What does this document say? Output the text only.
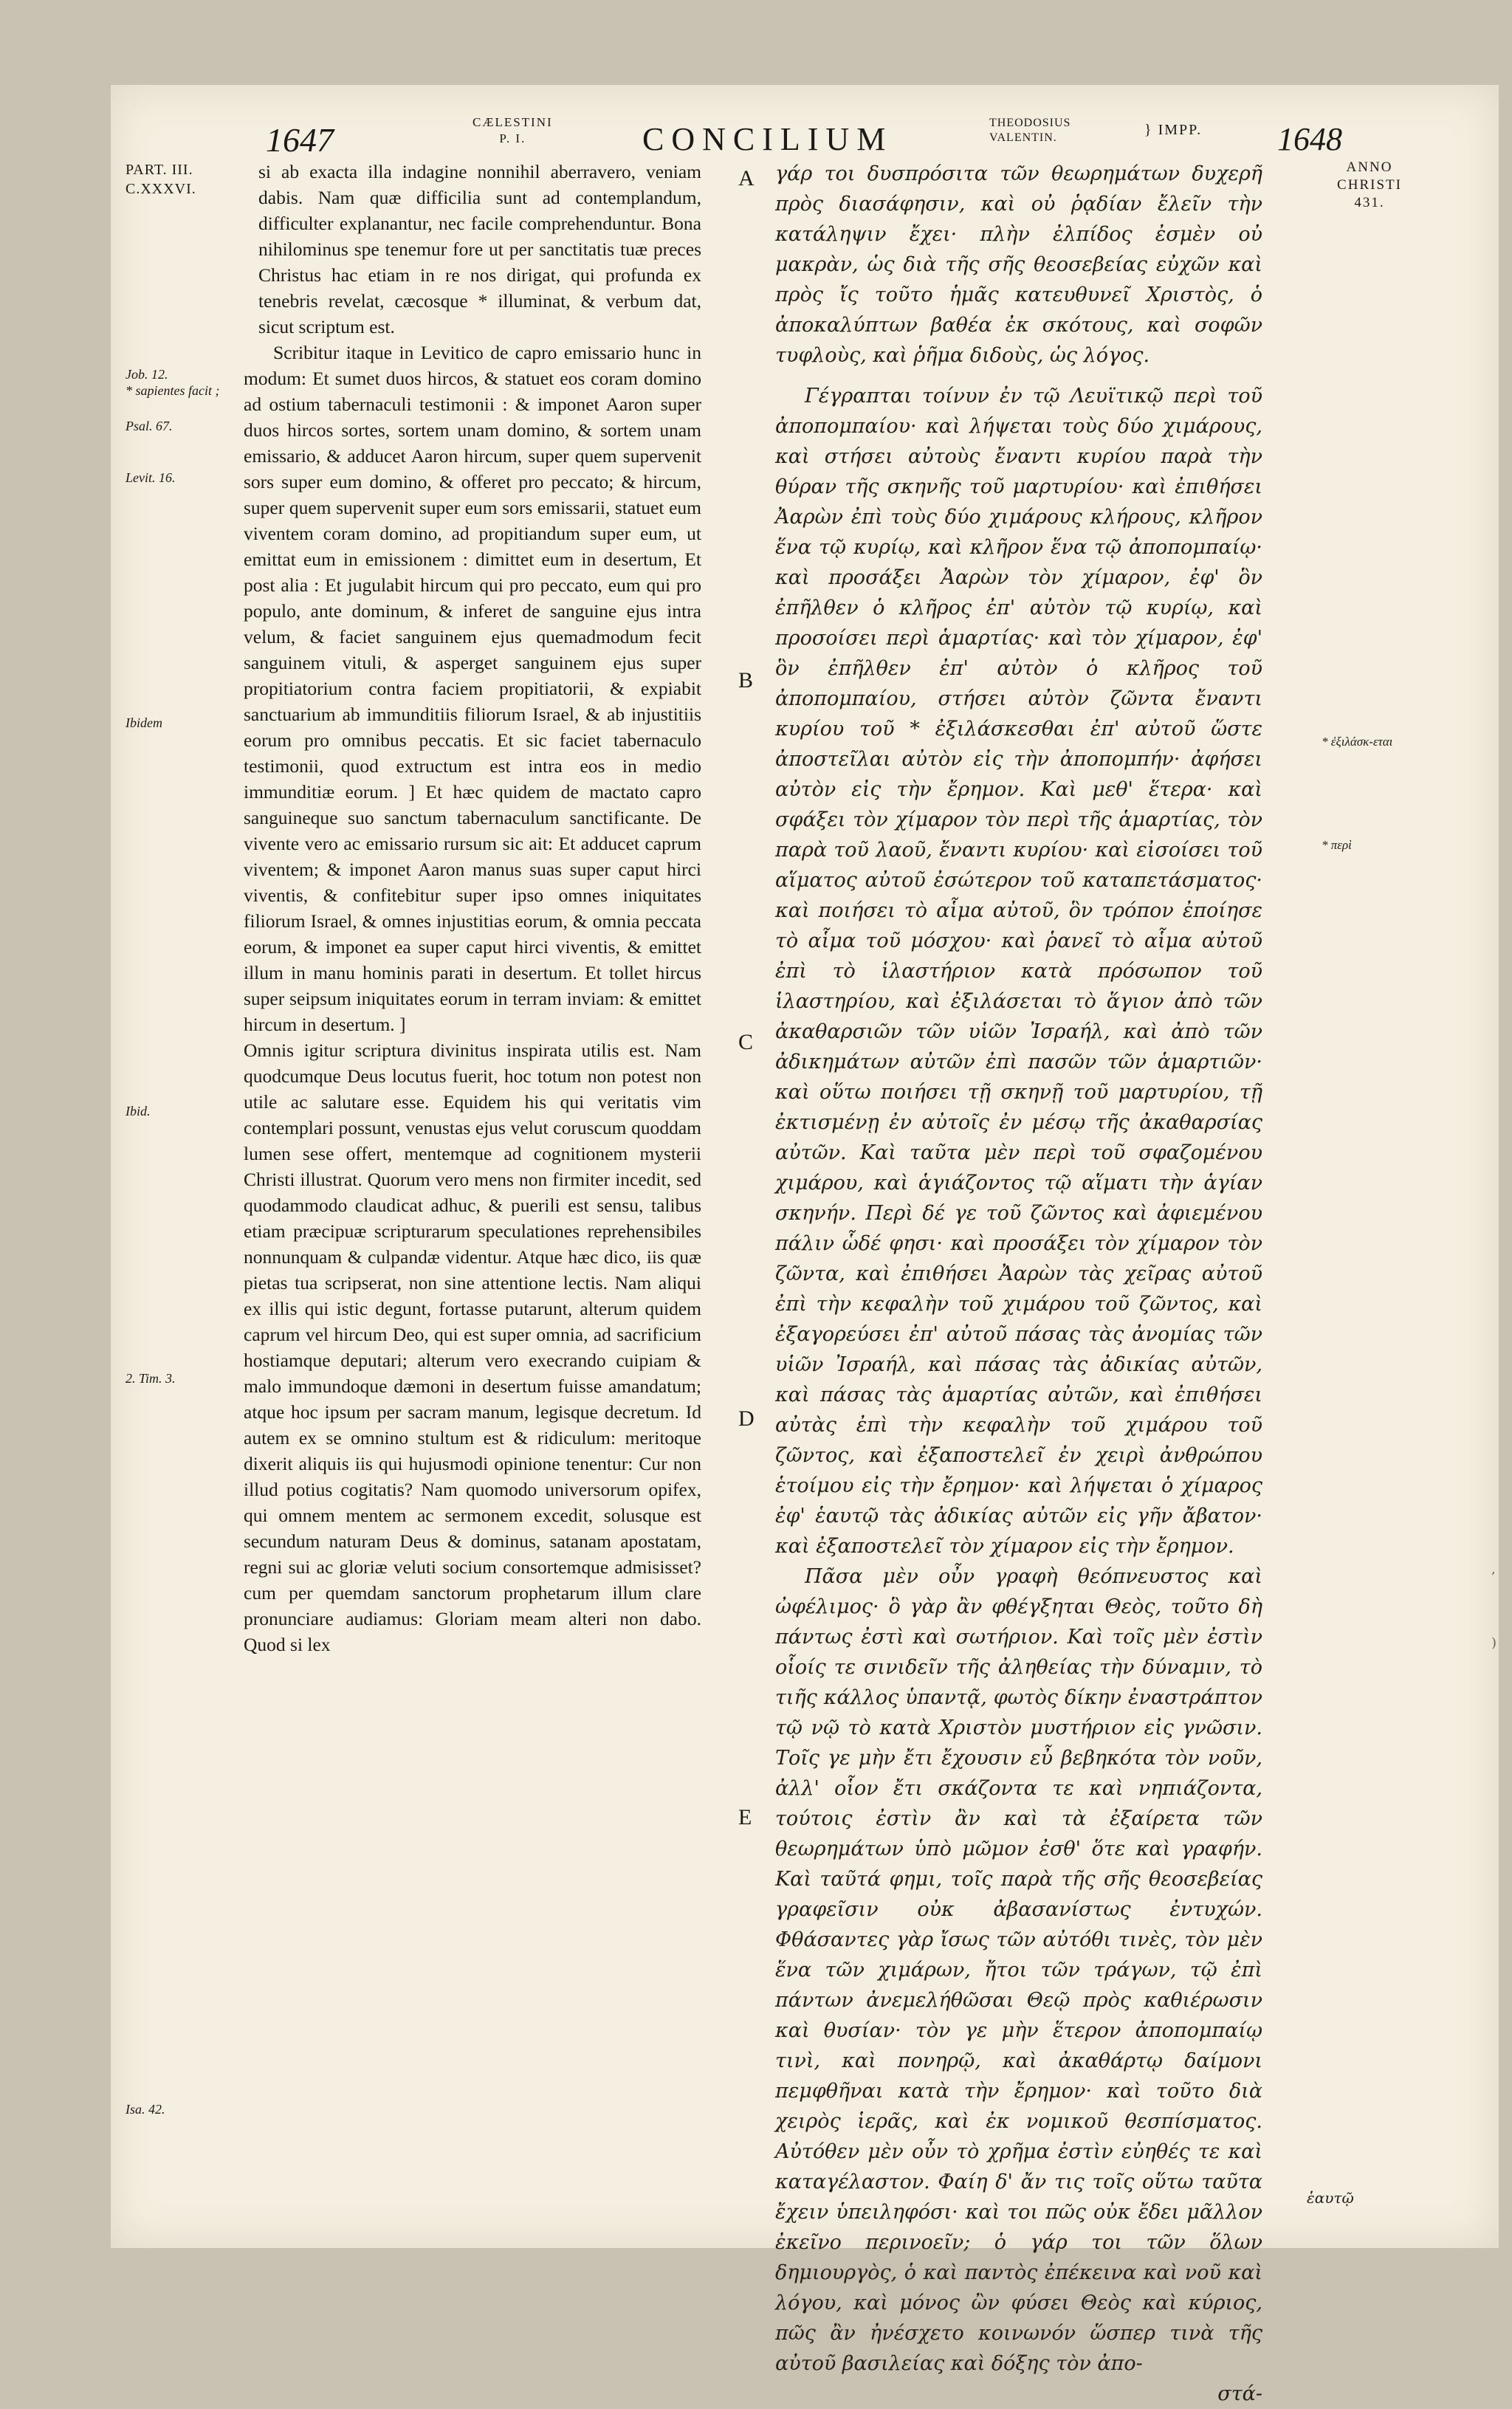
1647	CÆLESTINI
P. I.	CONCILIUM	THEODOSIUS
VALENTIN.	} IMPP. 1648
PART. III.
C.XXXVI.
Job. 12.
* sapientes facit ;
Psal. 67.
Levit. 16.
Ibidem
Ibid.
2. Tim. 3.
Isa. 42.

si ab exacta illa indagine nonnihil aberravero, veniam dabis. Nam quæ difficilia sunt ad contemplandum, difficulter explanantur, nec facile comprehenduntur. Bona nihilominus spe tenemur fore ut per sanctitatis tuæ preces Christus hac etiam in re nos dirigat, qui profunda ex tenebris revelat, cæcosque * illuminat, & verbum dat, sicut scriptum est.

Scribitur itaque in Levitico de capro emissario hunc in modum: Et sumet duos hircos, & statuet eos coram domino ad ostium tabernaculi testimonii : & imponet Aaron super duos hircos sortes, sortem unam domino, & sortem unam emissario, & adducet Aaron hircum, super quem supervenit sors super eum domino, & offeret pro peccato; & hircum, super quem supervenit super eum sors emissarii, statuet eum viventem coram domino, ad propitiandum super eum, ut emittat eum in emissionem : dimittet eum in desertum, Et post alia : Et jugulabit hircum qui pro peccato, eum qui pro populo, ante dominum, & inferet de sanguine ejus intra velum, & faciet sanguinem ejus quemadmodum fecit sanguinem vituli, & asperget sanguinem ejus super propitiatorium contra faciem propitiatorii, & expiabit sanctuarium ab immunditiis filiorum Israel, & ab injustitiis eorum pro omnibus peccatis. Et sic faciet tabernaculo testimonii, quod extructum est intra eos in medio immunditiæ eorum. ] Et hæc quidem de mactato capro sanguineque suo sanctum tabernaculum sanctificante. De vivente vero ac emissario rursum sic ait: Et adducet caprum viventem; & imponet Aaron manus suas super caput hirci viventis, & confitebitur super ipso omnes iniquitates filiorum Israel, & omnes injustitias eorum, & omnia peccata eorum, & imponet ea super caput hirci viventis, & emittet illum in manu hominis parati in desertum. Et tollet hircus super seipsum iniquitates eorum in terram inviam: & emittet hircum in desertum. ]

Omnis igitur scriptura divinitus inspirata utilis est. Nam quodcumque Deus locutus fuerit, hoc totum non potest non utile ac salutare esse. Equidem his qui veritatis vim contemplari possunt, venustas ejus velut coruscum quoddam lumen sese offert, mentemque ad cognitionem mysterii Christi illustrat. Quorum vero mens non firmiter incedit, sed quodammodo claudicat adhuc, & puerili est sensu, talibus etiam præcipuæ scripturarum speculationes reprehensibiles nonnunquam & culpandæ videntur. Atque hæc dico, iis quæ pietas tua scripserat, non sine attentione lectis. Nam aliqui ex illis qui istic degunt, fortasse putarunt, alterum quidem caprum vel hircum Deo, qui est super omnia, ad sacrificium hostiamque deputari; alterum vero execrando cuipiam & malo immundoque dæmoni in desertum fuisse amandatum; atque hoc ipsum per sacram manum, legisque decretum. Id autem ex se omnino stultum est & ridiculum: meritoque dixerit aliquis iis qui hujusmodi opinione tenentur: Cur non illud potius cogitatis? Nam quomodo universorum opifex, qui omnem mentem ac sermonem excedit, solusque est secundum naturam Deus & dominus, satanam apostatam, regni sui ac gloriæ veluti socium consortemque admisisset? cum per quemdam sanctorum prophetarum illum clare pronunciare audiamus: Gloriam meam alteri non dabo. Quod si lex

A
B
C
D
E

γάρ τοι δυσπρόσιτα τῶν θεωρημάτων δυχερῆ πρὸς διασάφησιν, καὶ οὐ ῥᾳδίαν ἔλεῖν τὴν κατάληψιν ἔχει· πλὴν ἐλπίδος ἐσμὲν οὐ μακρὰν, ὡς διὰ τῆς σῆς θεοσεβείας εὐχῶν καὶ πρὸς ἴς τοῦτο ἡμᾶς κατευθυνεῖ Χριστὸς, ὁ ἀποκαλύπτων βαθέα ἐκ σκότους, καὶ σοφῶν τυφλοὺς, καὶ ῥῆμα διδοὺς, ὡς λόγος.

Γέγραπται τοίνυν ἐν τῷ Λευϊτικῷ περὶ τοῦ ἀποπομπαίου· καὶ λήψεται τοὺς δύο χιμάρους, καὶ στήσει αὐτοὺς ἔναντι κυρίου παρὰ τὴν θύραν τῆς σκηνῆς τοῦ μαρτυρίου· καὶ ἐπιθήσει Ἀαρὼν ἐπὶ τοὺς δύο χιμάρους κλήρους, κλῆρον ἕνα τῷ κυρίῳ, καὶ κλῆρον ἕνα τῷ ἀποπομπαίῳ· καὶ προσάξει Ἀαρὼν τὸν χίμαρον, ἐφ' ὃν ἐπῆλθεν ὁ κλῆρος ἐπ' αὐτὸν τῷ κυρίῳ, καὶ προσοίσει περὶ ἁμαρτίας· καὶ τὸν χίμαρον, ἐφ' ὃν ἐπῆλθεν ἐπ' αὐτὸν ὁ κλῆρος τοῦ ἀποπομπαίου, στήσει αὐτὸν ζῶντα ἔναντι κυρίου τοῦ * ἐξιλάσκεσθαι ἐπ' αὐτοῦ ὥστε ἀποστεῖλαι αὐτὸν εἰς τὴν ἀποπομπήν· ἀφήσει αὐτὸν εἰς τὴν ἔρημον. Καὶ μεθ' ἕτερα· καὶ σφάξει τὸν χίμαρον τὸν περὶ τῆς ἁμαρτίας, τὸν παρὰ τοῦ λαοῦ, ἔναντι κυρίου· καὶ εἰσοίσει τοῦ αἵματος αὐτοῦ ἐσώτερον τοῦ καταπετάσματος· καὶ ποιήσει τὸ αἷμα αὐτοῦ, ὃν τρόπον ἐποίησε τὸ αἷμα τοῦ μόσχου· καὶ ῥανεῖ τὸ αἷμα αὐτοῦ ἐπὶ τὸ ἱλαστήριον κατὰ πρόσωπον τοῦ ἱλαστηρίου, καὶ ἐξιλάσεται τὸ ἅγιον ἀπὸ τῶν ἀκαθαρσιῶν τῶν υἱῶν Ἰσραήλ, καὶ ἀπὸ τῶν ἀδικημάτων αὐτῶν ἐπὶ πασῶν τῶν ἁμαρτιῶν· καὶ οὕτω ποιήσει τῇ σκηνῇ τοῦ μαρτυρίου, τῇ ἐκτισμένῃ ἐν αὐτοῖς ἐν μέσῳ τῆς ἀκαθαρσίας αὐτῶν. Καὶ ταῦτα μὲν περὶ τοῦ σφαζομένου χιμάρου, καὶ ἁγιάζοντος τῷ αἵματι τὴν ἁγίαν σκηνήν. Περὶ δέ γε τοῦ ζῶντος καὶ ἀφιεμένου πάλιν ὧδέ φησι· καὶ προσάξει τὸν χίμαρον τὸν ζῶντα, καὶ ἐπιθήσει Ἀαρὼν τὰς χεῖρας αὐτοῦ ἐπὶ τὴν κεφαλὴν τοῦ χιμάρου τοῦ ζῶντος, καὶ ἐξαγορεύσει ἐπ' αὐτοῦ πάσας τὰς ἀνομίας τῶν υἱῶν Ἰσραήλ, καὶ πάσας τὰς ἀδικίας αὐτῶν, καὶ πάσας τὰς ἁμαρτίας αὐτῶν, καὶ ἐπιθήσει αὐτὰς ἐπὶ τὴν κεφαλὴν τοῦ χιμάρου τοῦ ζῶντος, καὶ ἐξαποστελεῖ ἐν χειρὶ ἀνθρώπου ἑτοίμου εἰς τὴν ἔρημον· καὶ λήψεται ὁ χίμαρος ἐφ' ἑαυτῷ τὰς ἀδικίας αὐτῶν εἰς γῆν ἄβατον· καὶ ἐξαποστελεῖ τὸν χίμαρον εἰς τὴν ἔρημον.

Πᾶσα μὲν οὖν γραφὴ θεόπνευστος καὶ ὠφέλιμος· ὃ γὰρ ἂν φθέγξηται Θεὸς, τοῦτο δὴ πάντως ἐστὶ καὶ σωτήριον. Καὶ τοῖς μὲν ἐστὶν οἷοίς τε σινιδεῖν τῆς ἀληθείας τὴν δύναμιν, τὸ τιῆς κάλλος ὑπαντᾷ, φωτὸς δίκην ἐναστράπτον τῷ νῷ τὸ κατὰ Χριστὸν μυστήριον εἰς γνῶσιν. Τοῖς γε μὴν ἔτι ἔχουσιν εὖ βεβηκότα τὸν νοῦν, ἀλλ' οἷον ἔτι σκάζοντα τε καὶ νηπιάζοντα, τούτοις ἐστὶν ἂν καὶ τὰ ἐξαίρετα τῶν θεωρημάτων ὑπὸ μῶμον ἐσθ' ὅτε καὶ γραφήν. Καὶ ταῦτά φημι, τοῖς παρὰ τῆς σῆς θεοσεβείας γραφεῖσιν οὐκ ἀβασανίστως ἐντυχών. Φθάσαντες γὰρ ἴσως τῶν αὐτόθι τινὲς, τὸν μὲν ἕνα τῶν χιμάρων, ἤτοι τῶν τράγων, τῷ ἐπὶ πάντων ἀνεμελήθῶσαι Θεῷ πρὸς καθιέρωσιν καὶ θυσίαν· τὸν γε μὴν ἕτερον ἀποπομπαίῳ τινὶ, καὶ πονηρῷ, καὶ ἀκαθάρτῳ δαίμονι πεμφθῆναι κατὰ τὴν ἔρημον· καὶ τοῦτο διὰ χειρὸς ἱερᾶς, καὶ ἐκ νομικοῦ θεσπίσματος. Αὐτόθεν μὲν οὖν τὸ χρῆμα ἐστὶν εὐηθές τε καὶ καταγέλαστον. Φαίη δ' ἄν τις τοῖς οὕτω ταῦτα ἔχειν ὑπειληφόσι· καὶ τοι πῶς οὐκ ἔδει μᾶλλον ἐκεῖνο περινοεῖν; ὁ γάρ τοι τῶν ὅλων δημιουργὸς, ὁ καὶ παντὸς ἐπέκεινα καὶ νοῦ καὶ λόγου, καὶ μόνος ὢν φύσει Θεὸς καὶ κύριος, πῶς ἂν ἠνέσχετο κοινωνόν ὥσπερ τινὰ τῆς αὐτοῦ βασιλείας καὶ δόξης τὸν ἀπο-

στά-

ANNO CHRISTI 431.
* ἐξιλάσκ-εται
* περὶ
ἑαυτῷ
,
)
